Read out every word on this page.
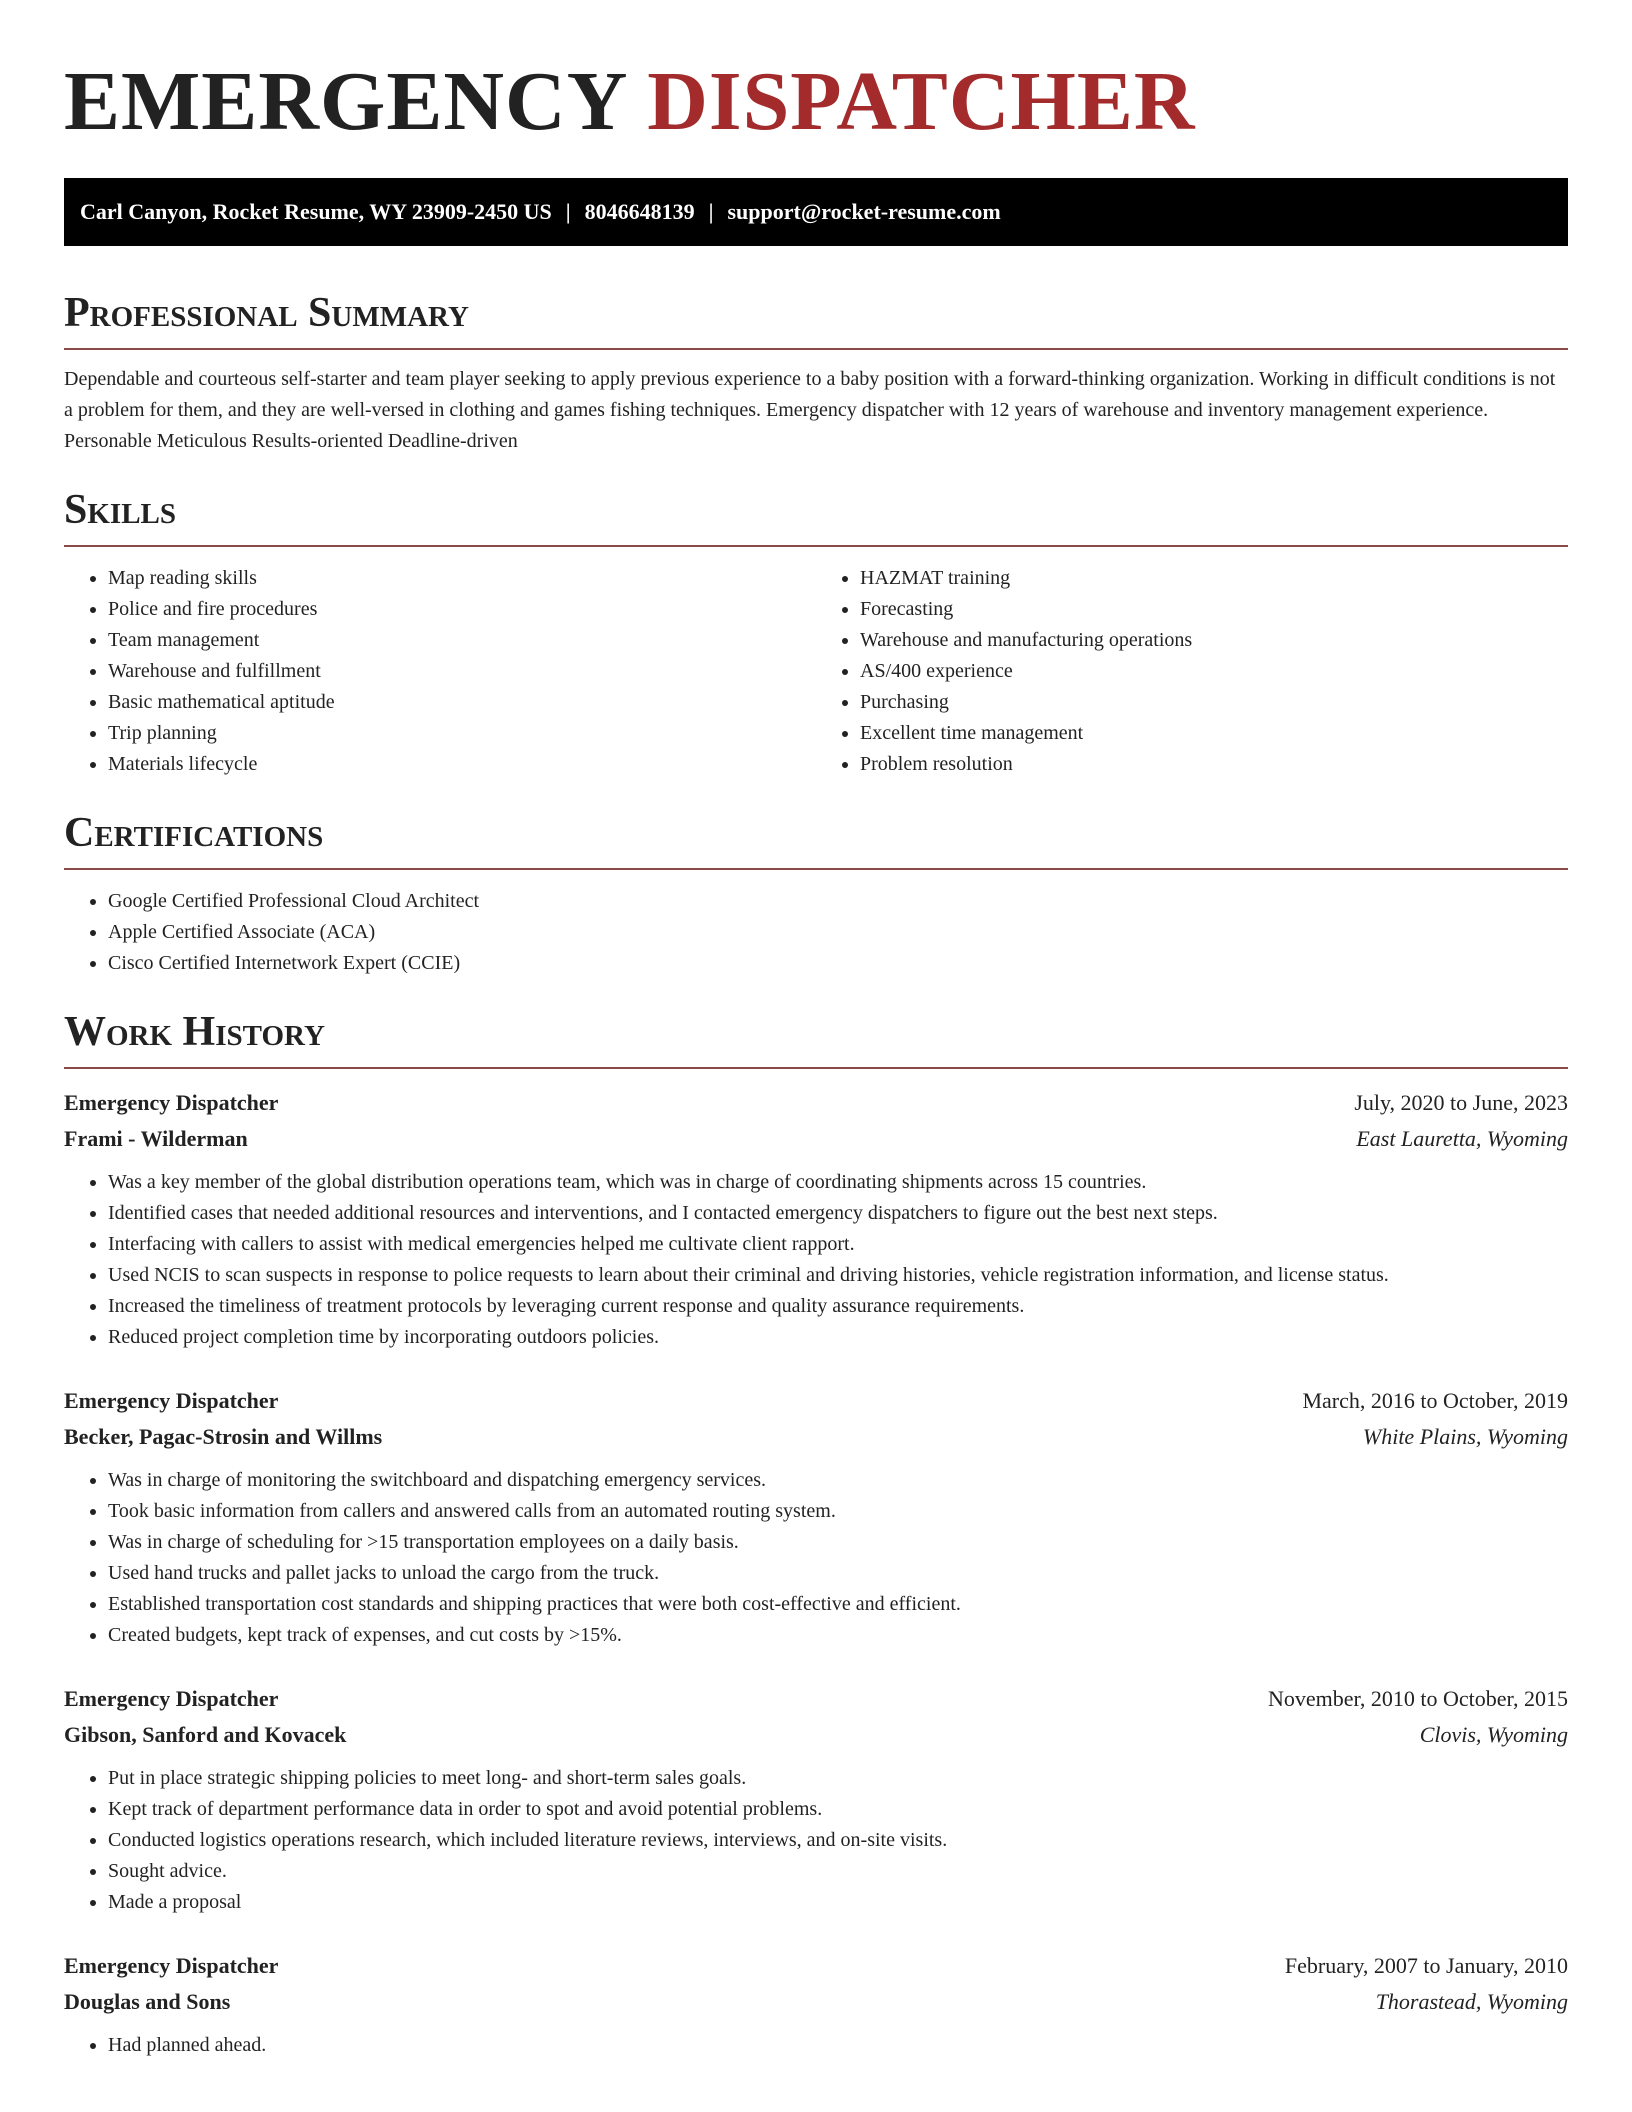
EMERGENCY DISPATCHER
Carl Canyon, Rocket Resume, WY 23909-2450 US | 8046648139 | support@rocket-resume.com
Professional Summary

Dependable and courteous self-starter and team player seeking to apply previous experience to a baby position with a forward-thinking organization. Working in difficult conditions is not a problem for them, and they are well-versed in clothing and games fishing techniques. Emergency dispatcher with 12 years of warehouse and inventory management experience. Personable Meticulous Results-oriented Deadline-driven

Skills
• Map reading skills
• Police and fire procedures
• Team management
• Warehouse and fulfillment
• Basic mathematical aptitude
• Trip planning
• Materials lifecycle
• HAZMAT training
• Forecasting
• Warehouse and manufacturing operations
• AS/400 experience
• Purchasing
• Excellent time management
• Problem resolution
Certifications
• Google Certified Professional Cloud Architect
• Apple Certified Associate (ACA)
• Cisco Certified Internetwork Expert (CCIE)
Work History
Emergency Dispatcher	July, 2020 to June, 2023
Frami - Wilderman	East Lauretta, Wyoming
• Was a key member of the global distribution operations team, which was in charge of coordinating shipments across 15 countries.
• Identified cases that needed additional resources and interventions, and I contacted emergency dispatchers to figure out the best next steps.
• Interfacing with callers to assist with medical emergencies helped me cultivate client rapport.
• Used NCIS to scan suspects in response to police requests to learn about their criminal and driving histories, vehicle registration information, and license status.
• Increased the timeliness of treatment protocols by leveraging current response and quality assurance requirements.
• Reduced project completion time by incorporating outdoors policies.
Emergency Dispatcher	March, 2016 to October, 2019
Becker, Pagac-Strosin and Willms	White Plains, Wyoming
• Was in charge of monitoring the switchboard and dispatching emergency services.
• Took basic information from callers and answered calls from an automated routing system.
• Was in charge of scheduling for >15 transportation employees on a daily basis.
• Used hand trucks and pallet jacks to unload the cargo from the truck.
• Established transportation cost standards and shipping practices that were both cost-effective and efficient.
• Created budgets, kept track of expenses, and cut costs by >15%.
Emergency Dispatcher	November, 2010 to October, 2015
Gibson, Sanford and Kovacek	Clovis, Wyoming
• Put in place strategic shipping policies to meet long- and short-term sales goals.
• Kept track of department performance data in order to spot and avoid potential problems.
• Conducted logistics operations research, which included literature reviews, interviews, and on-site visits.
• Sought advice.
• Made a proposal
Emergency Dispatcher	February, 2007 to January, 2010
Douglas and Sons	Thorastead, Wyoming
• Had planned ahead.
